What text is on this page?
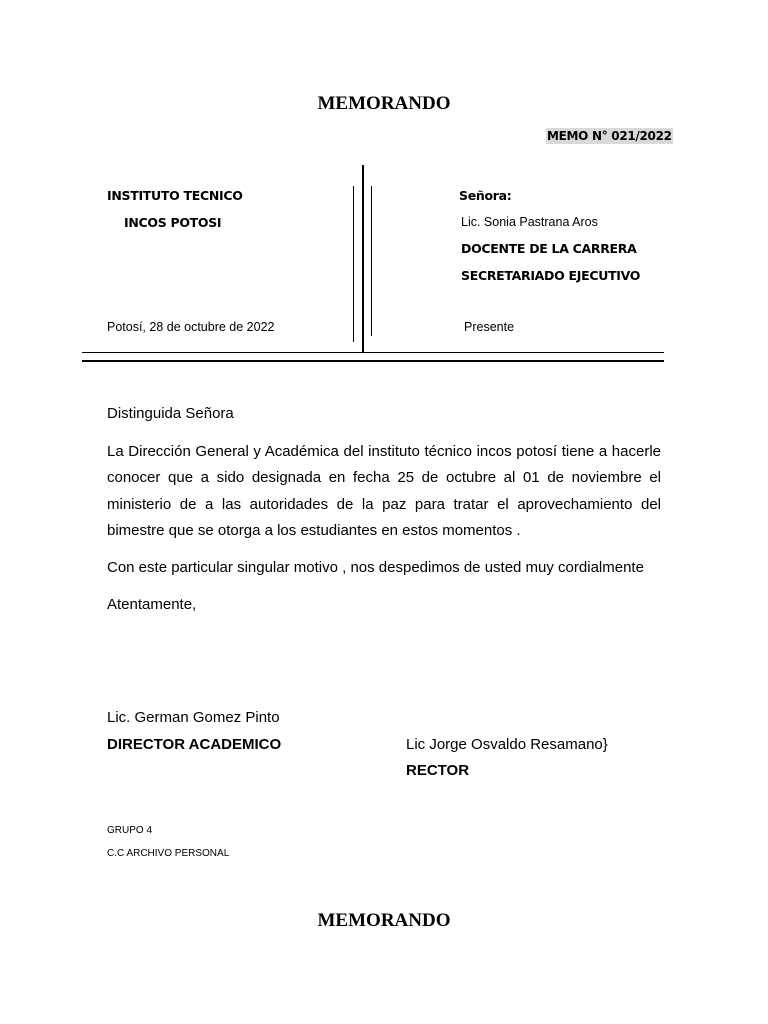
MEMORANDO
MEMO N° 021/2022
INSTITUTO TECNICO
INCOS POTOSI
Potosí, 28 de octubre de 2022
Señora:
Lic. Sonia Pastrana Aros
DOCENTE DE LA CARRERA
SECRETARIADO EJECUTIVO
Presente

Distinguida Señora

La Dirección General y Académica del instituto técnico incos potosí tiene a hacerle conocer que a sido designada en fecha 25 de octubre al 01 de noviembre el ministerio de a las autoridades de la paz para tratar el aprovechamiento del bimestre que se otorga a los estudiantes en estos momentos .

Con este particular singular motivo , nos despedimos de usted muy cordialmente

Atentamente,

Lic. German Gomez Pinto
DIRECTOR ACADEMICO	Lic Jorge Osvaldo Resamano}
RECTOR
GRUPO 4
C.C ARCHIVO PERSONAL
MEMORANDO
